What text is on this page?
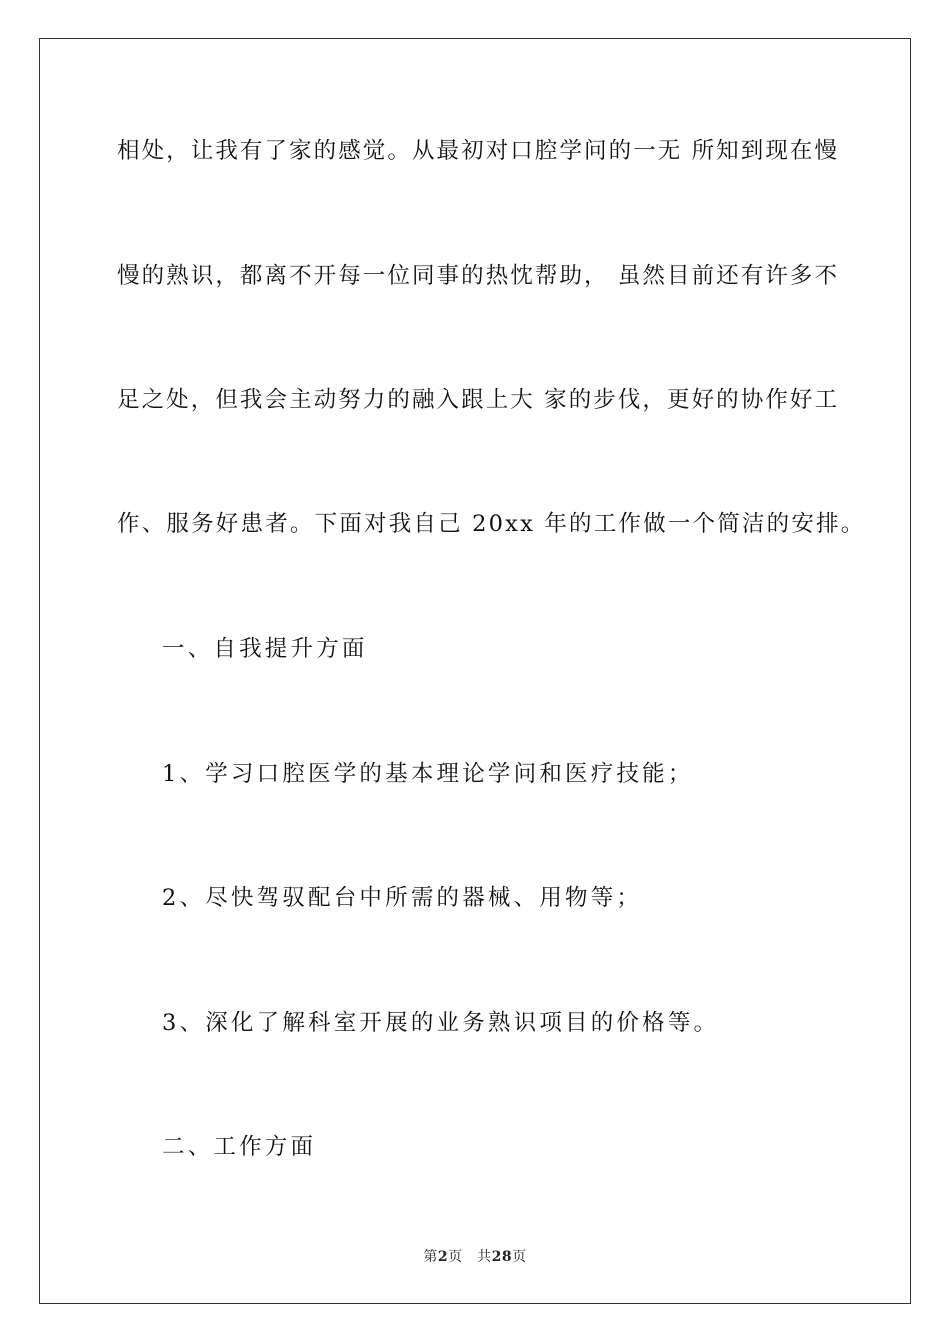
相处，让我有了家的感觉。从最初对口腔学问的一无 所知到现在慢
慢的熟识，都离不开每一位同事的热忱帮助， 虽然目前还有许多不
足之处，但我会主动努力的融入跟上大 家的步伐，更好的协作好工
作、服务好患者。下面对我自己 20xx 年的工作做一个简洁的安排。
一、自我提升方面
1、学习口腔医学的基本理论学问和医疗技能；
2、尽快驾驭配台中所需的器械、用物等；
3、深化了解科室开展的业务熟识项目的价格等。
二、工作方面
第2页　共28页
